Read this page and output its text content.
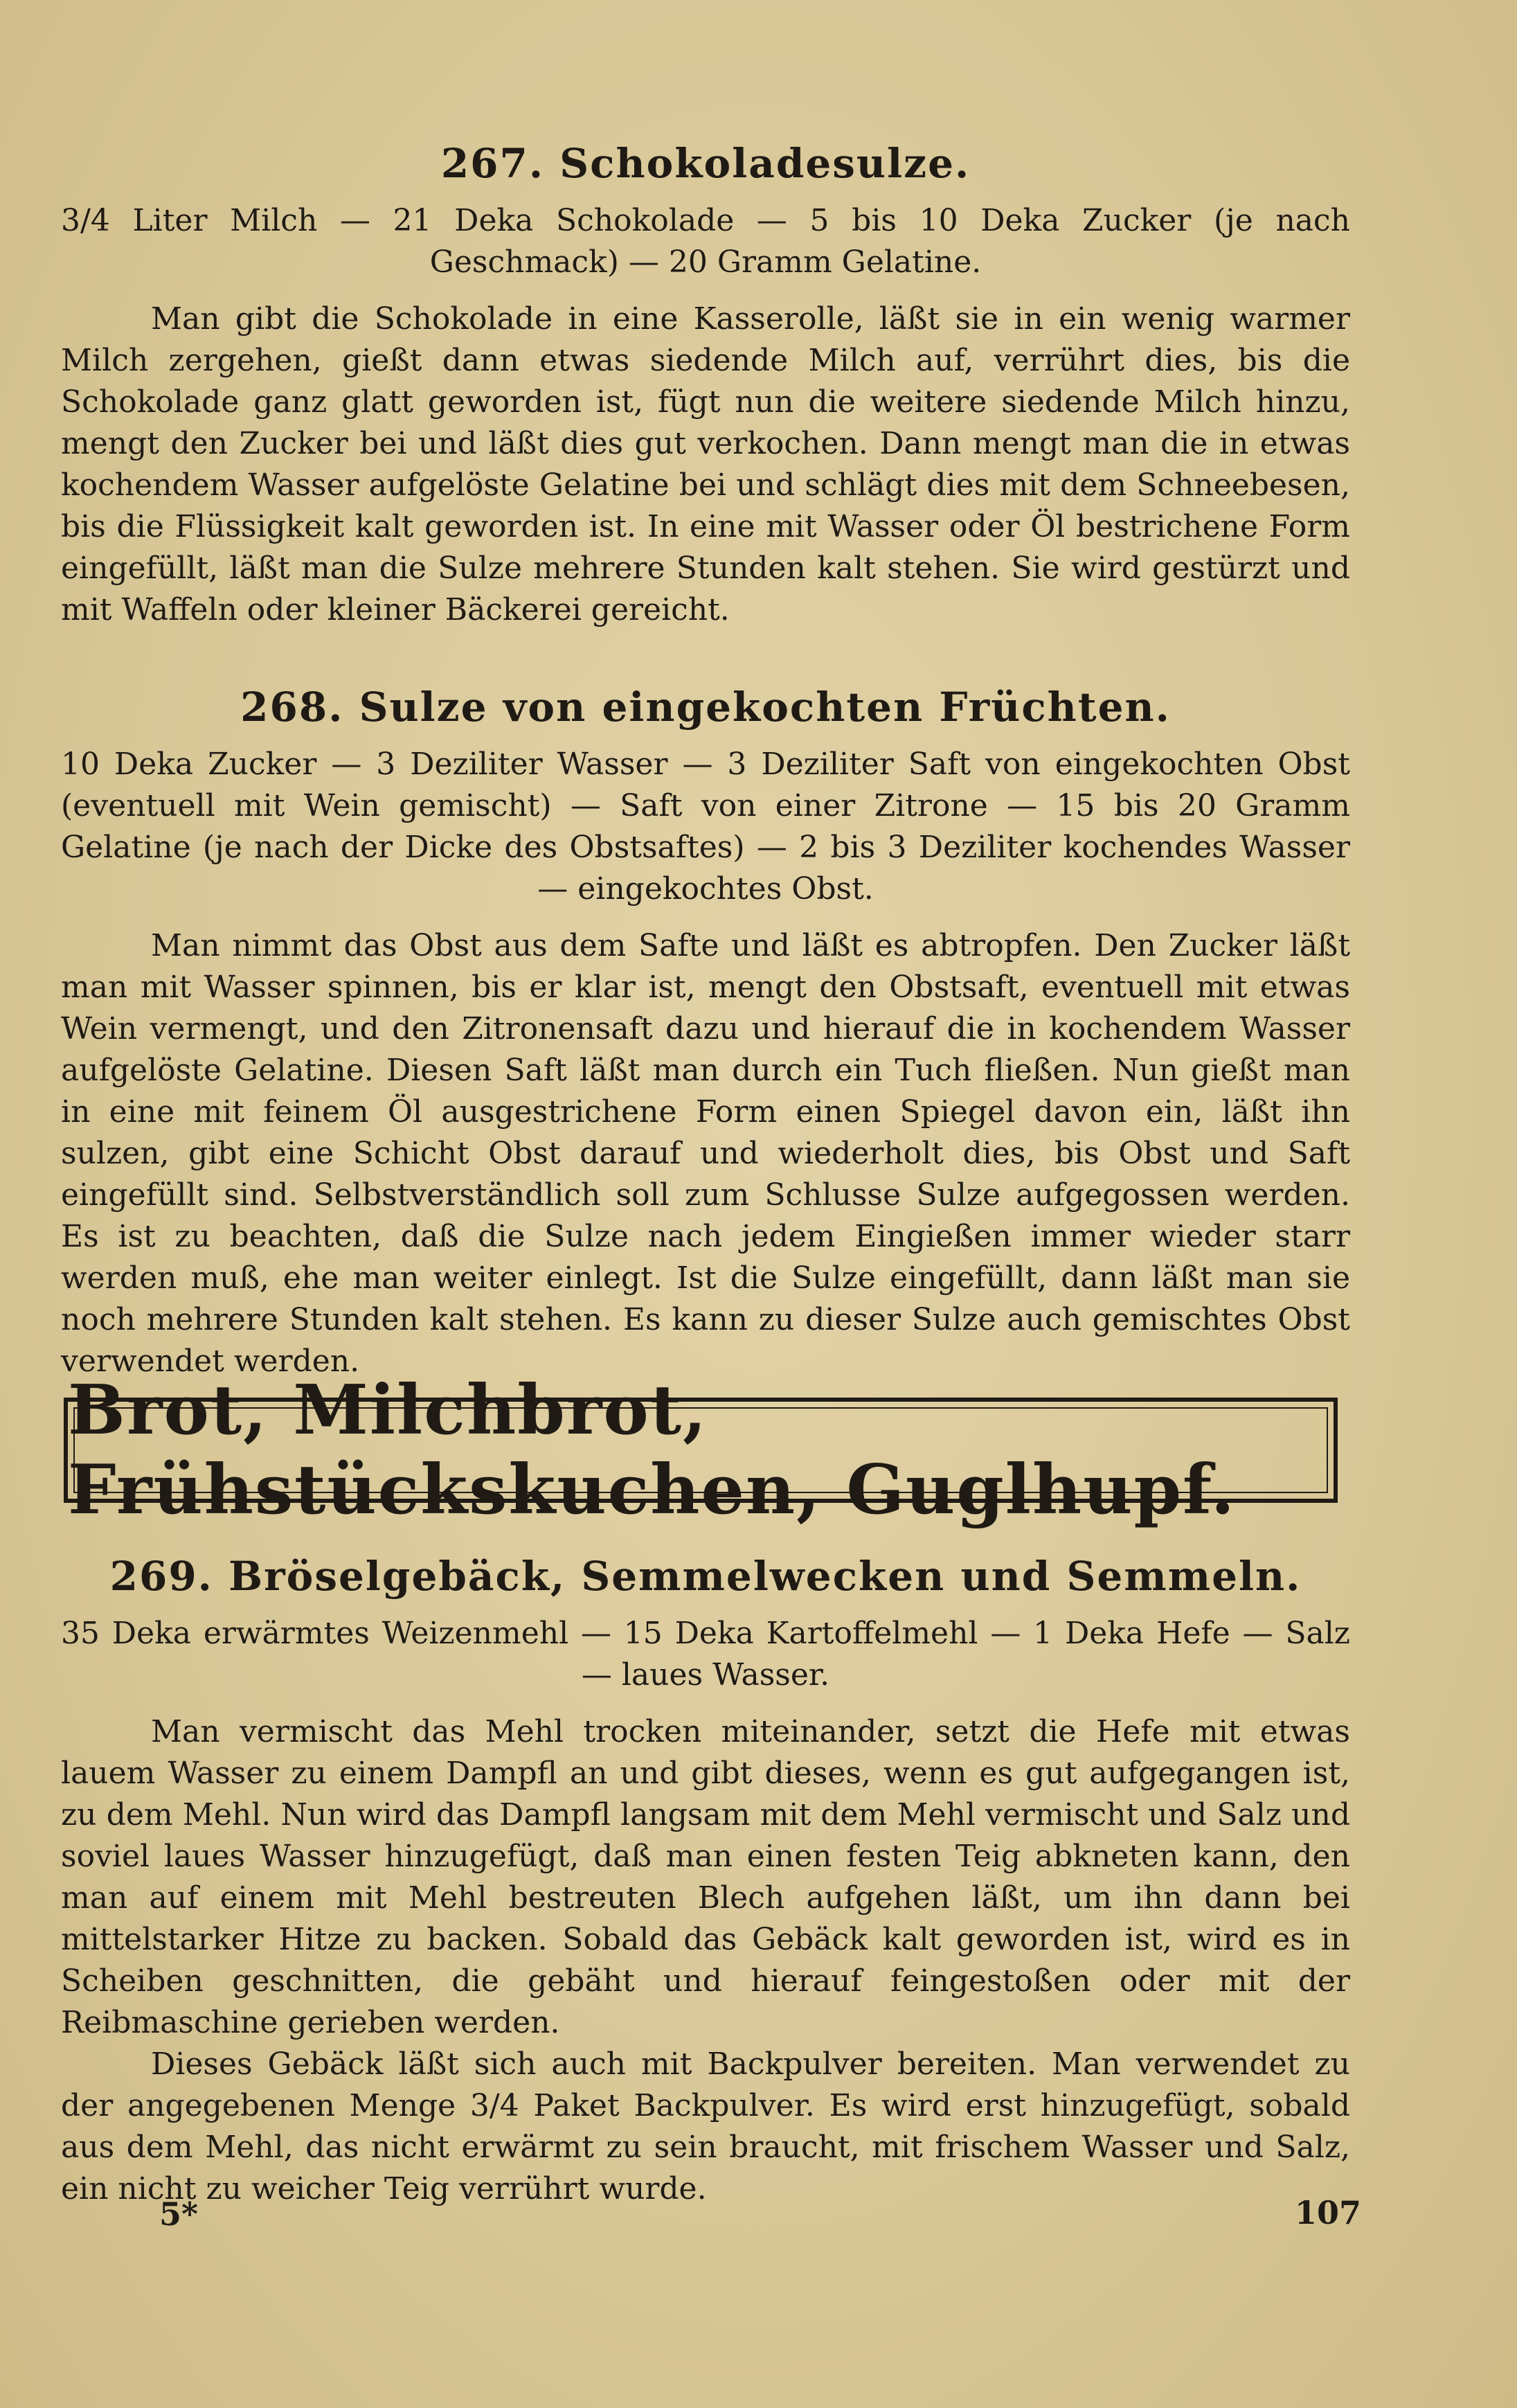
267. Schokoladesulze.
3/4 Liter Milch — 21 Deka Schokolade — 5 bis 10 Deka Zucker (je nach Geschmack) — 20 Gramm Gelatine.

Man gibt die Schokolade in eine Kasserolle, läßt sie in ein wenig warmer Milch zergehen, gießt dann etwas siedende Milch auf, verrührt dies, bis die Schokolade ganz glatt geworden ist, fügt nun die weitere siedende Milch hinzu, mengt den Zucker bei und läßt dies gut verkochen. Dann mengt man die in etwas kochendem Wasser aufgelöste Gelatine bei und schlägt dies mit dem Schneebesen, bis die Flüssigkeit kalt geworden ist. In eine mit Wasser oder Öl bestrichene Form eingefüllt, läßt man die Sulze mehrere Stunden kalt stehen. Sie wird gestürzt und mit Waffeln oder kleiner Bäckerei gereicht.

268. Sulze von eingekochten Früchten.
10 Deka Zucker — 3 Deziliter Wasser — 3 Deziliter Saft von eingekochten Obst (eventuell mit Wein gemischt) — Saft von einer Zitrone — 15 bis 20 Gramm Gelatine (je nach der Dicke des Obstsaftes) — 2 bis 3 Deziliter kochendes Wasser — eingekochtes Obst.

Man nimmt das Obst aus dem Safte und läßt es abtropfen. Den Zucker läßt man mit Wasser spinnen, bis er klar ist, mengt den Obstsaft, eventuell mit etwas Wein vermengt, und den Zitronensaft dazu und hierauf die in kochendem Wasser aufgelöste Gelatine. Diesen Saft läßt man durch ein Tuch fließen. Nun gießt man in eine mit feinem Öl ausgestrichene Form einen Spiegel davon ein, läßt ihn sulzen, gibt eine Schicht Obst darauf und wiederholt dies, bis Obst und Saft eingefüllt sind. Selbstverständlich soll zum Schlusse Sulze aufgegossen werden. Es ist zu beachten, daß die Sulze nach jedem Eingießen immer wieder starr werden muß, ehe man weiter einlegt. Ist die Sulze eingefüllt, dann läßt man sie noch mehrere Stunden kalt stehen. Es kann zu dieser Sulze auch gemischtes Obst verwendet werden.

Brot, Milchbrot, Frühstückskuchen, Guglhupf.
269. Bröselgebäck, Semmelwecken und Semmeln.
35 Deka erwärmtes Weizenmehl — 15 Deka Kartoffelmehl — 1 Deka Hefe — Salz — laues Wasser.

Man vermischt das Mehl trocken miteinander, setzt die Hefe mit etwas lauem Wasser zu einem Dampfl an und gibt dieses, wenn es gut aufgegangen ist, zu dem Mehl. Nun wird das Dampfl langsam mit dem Mehl vermischt und Salz und soviel laues Wasser hinzugefügt, daß man einen festen Teig abkneten kann, den man auf einem mit Mehl bestreuten Blech aufgehen läßt, um ihn dann bei mittelstarker Hitze zu backen. Sobald das Gebäck kalt geworden ist, wird es in Scheiben geschnitten, die gebäht und hierauf feingestoßen oder mit der Reibmaschine gerieben werden.

Dieses Gebäck läßt sich auch mit Backpulver bereiten. Man verwendet zu der angegebenen Menge 3/4 Paket Backpulver. Es wird erst hinzugefügt, sobald aus dem Mehl, das nicht erwärmt zu sein braucht, mit frischem Wasser und Salz, ein nicht zu weicher Teig verrührt wurde.

5*	107
